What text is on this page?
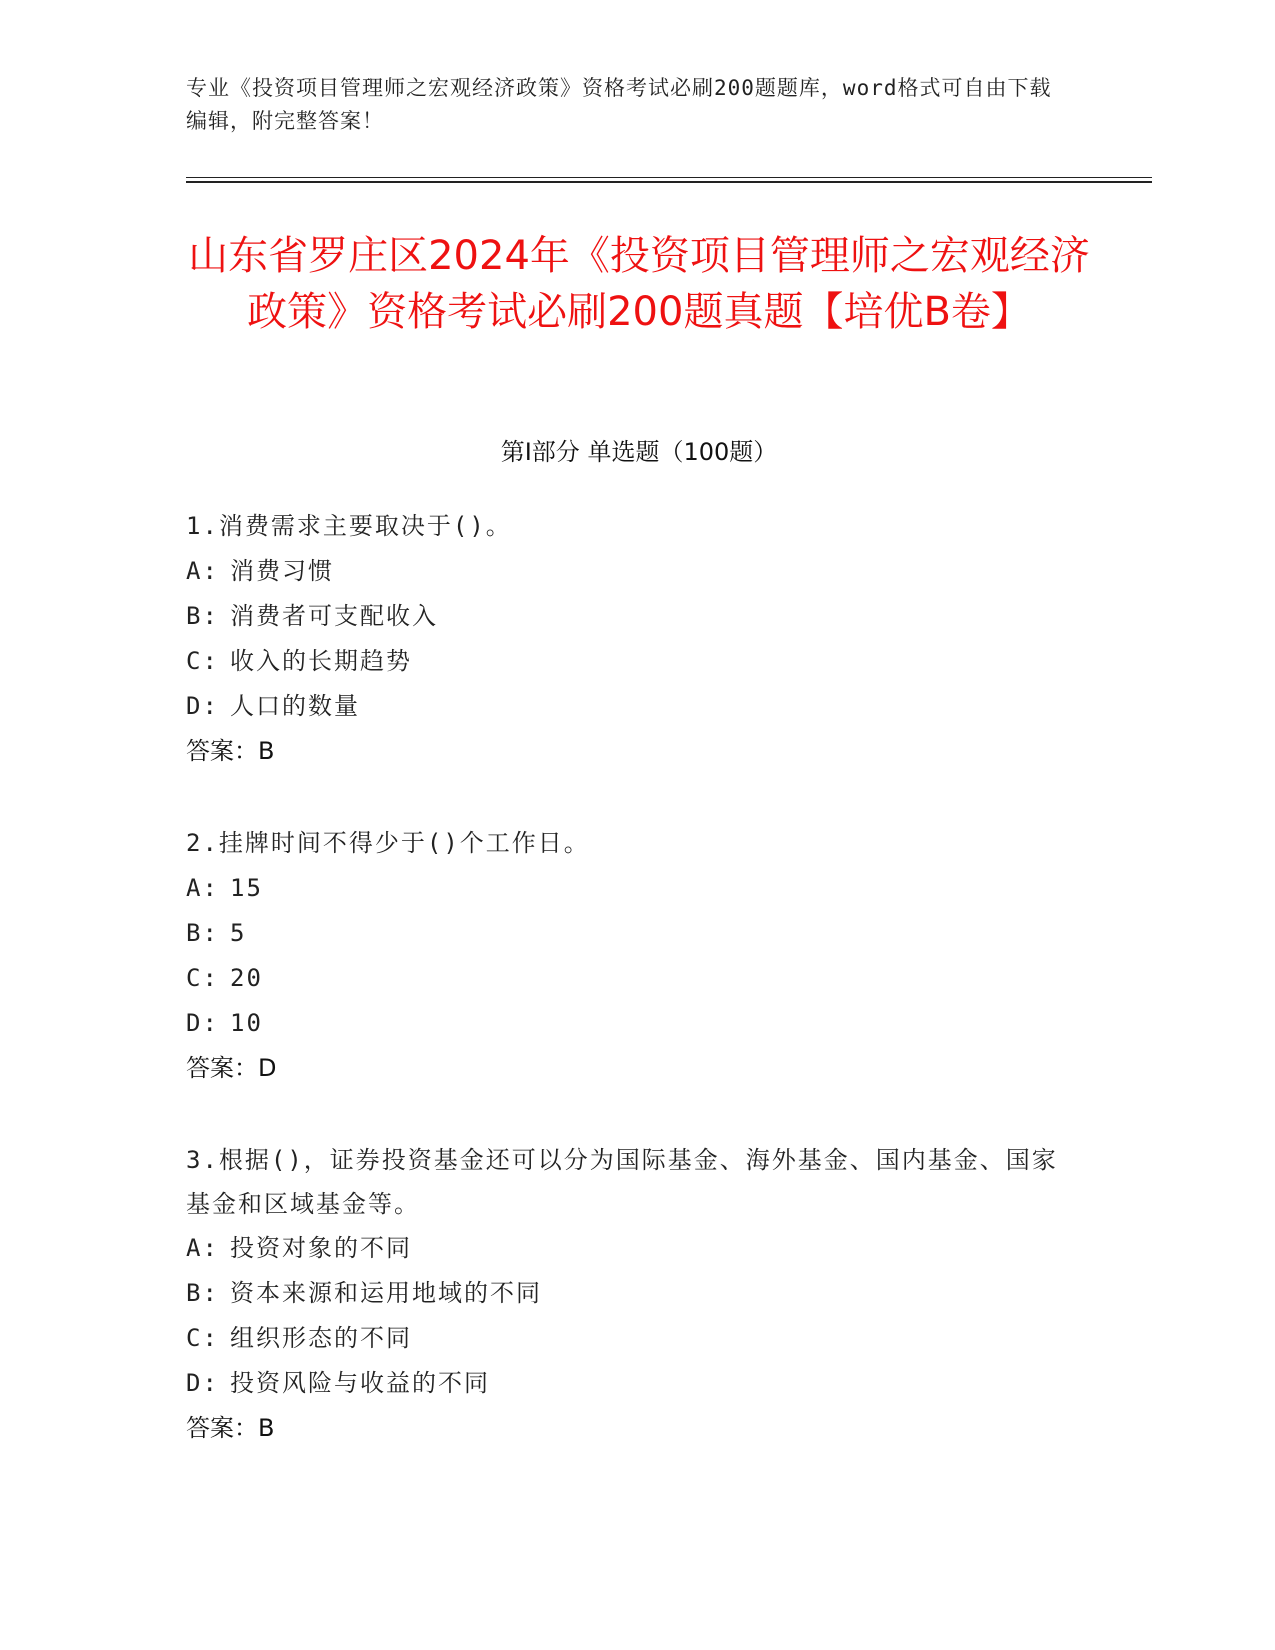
专业《投资项目管理师之宏观经济政策》资格考试必刷200题题库，word格式可自由下载编辑，附完整答案！
山东省罗庄区2024年《投资项目管理师之宏观经济政策》资格考试必刷200题真题【培优B卷】
第I部分 单选题（100题）
1.消费需求主要取决于()。
A: 消费习惯
B: 消费者可支配收入
C: 收入的长期趋势
D: 人口的数量
答案：B
2.挂牌时间不得少于()个工作日。
A: 15
B: 5
C: 20
D: 10
答案：D
3.根据()，证券投资基金还可以分为国际基金、海外基金、国内基金、国家基金和区域基金等。
A: 投资对象的不同
B: 资本来源和运用地域的不同
C: 组织形态的不同
D: 投资风险与收益的不同
答案：B
